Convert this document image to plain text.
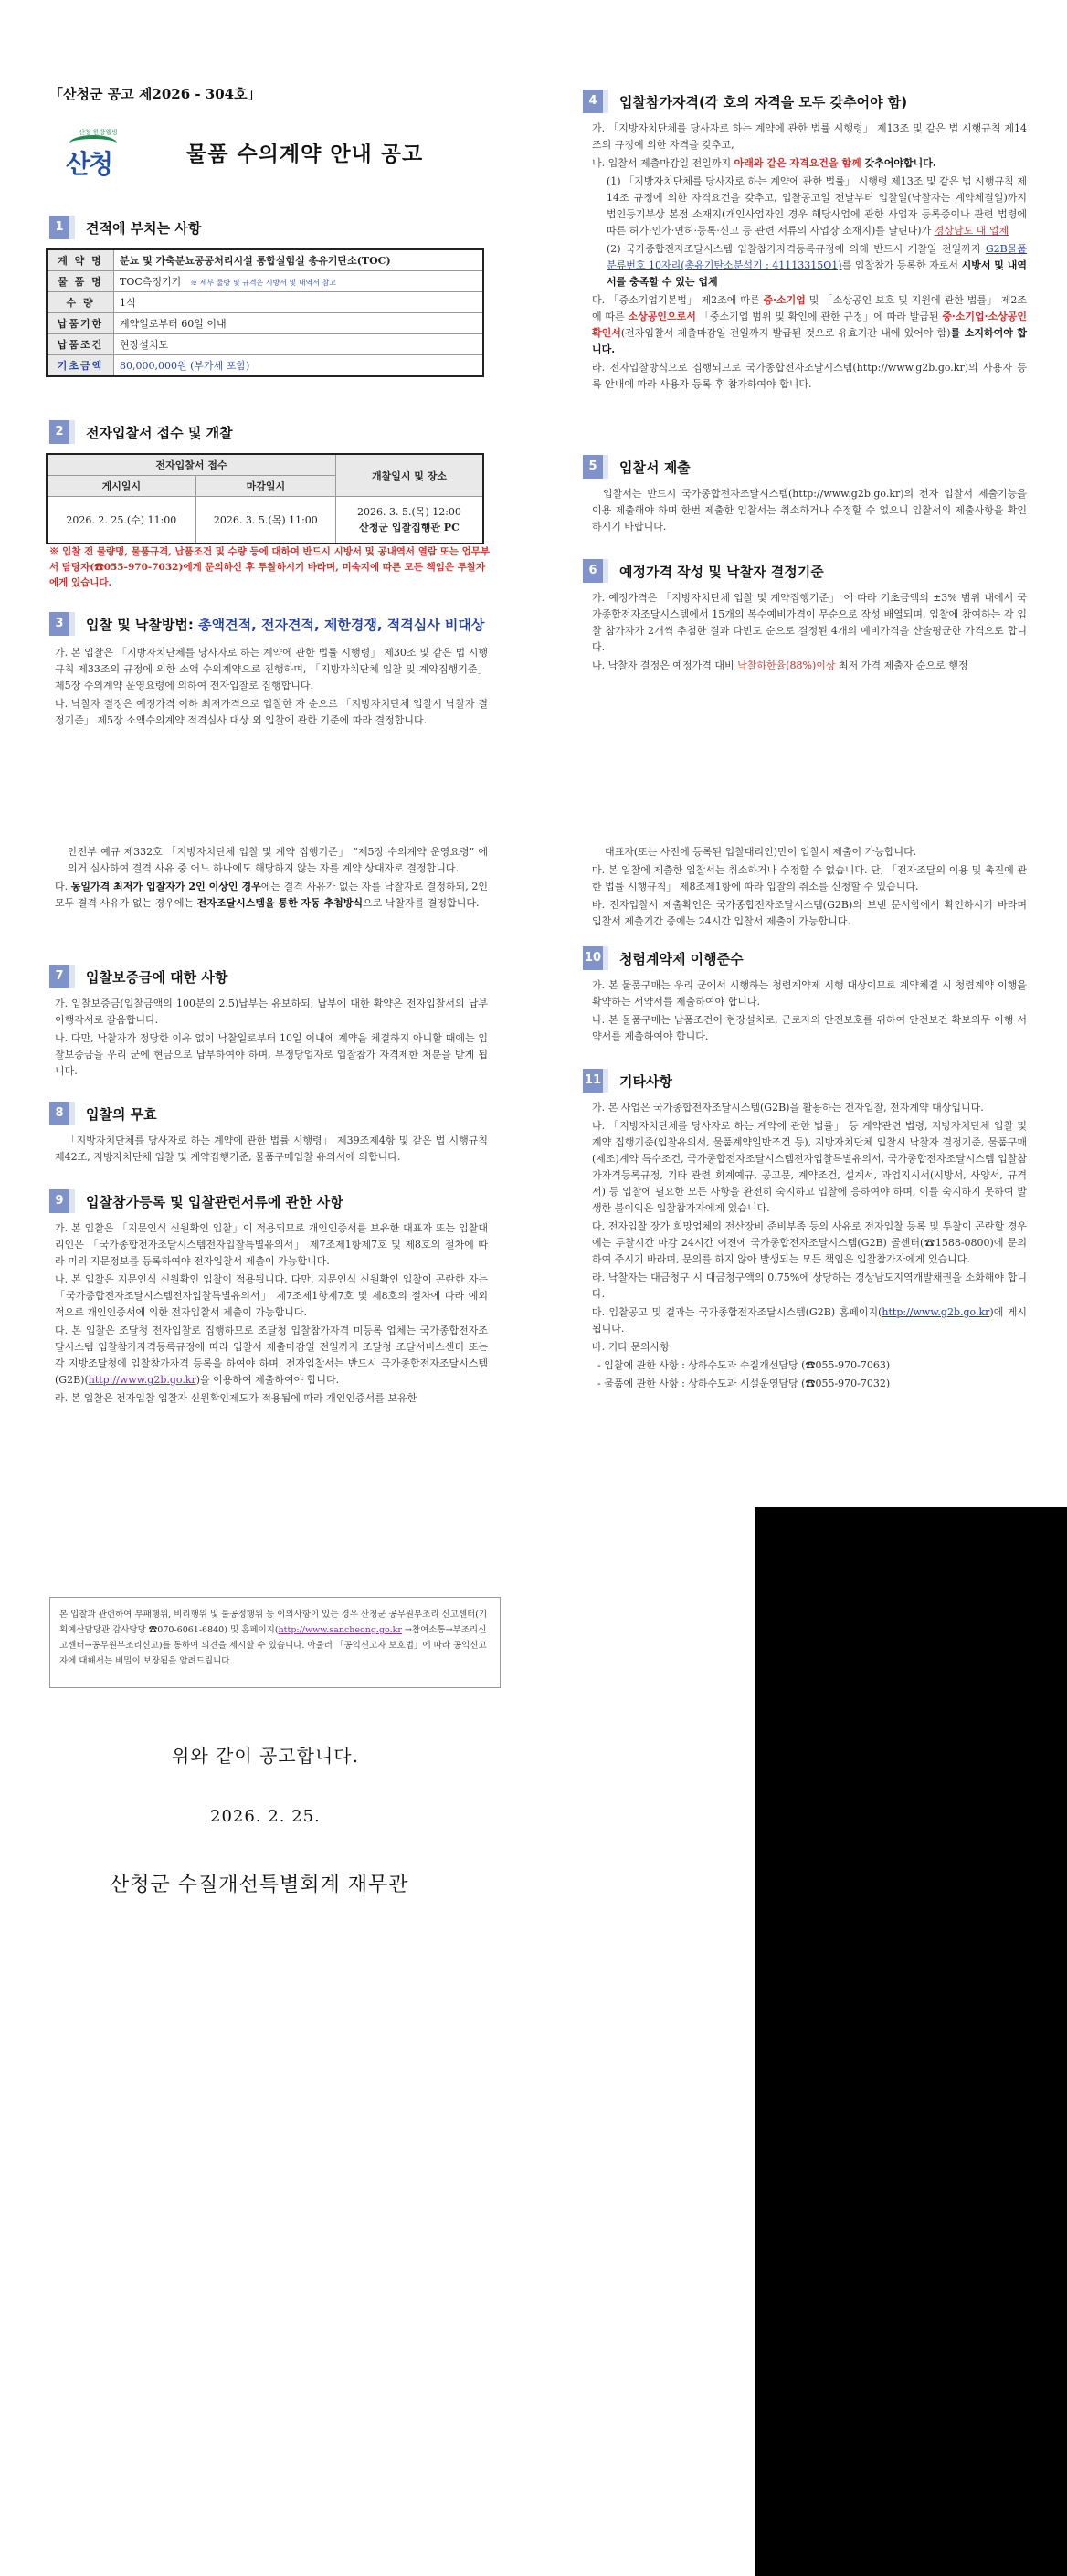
「산청군 공고 제2026 - 304호」
산청 한방웰빙
산청	물품 수의계약 안내 공고
1	견적에 부치는 사항
계 약 명	분뇨 및 가축분뇨공공처리시설 통합실험실 총유기탄소(TOC)
물 품 명	TOC측정기기 ※ 세부 물량 및 규격은 시방서 및 내역서 참고
수 량	1식
납품기한	계약일로부터 60일 이내
납품조건	현장설치도
기초금액	80,000,000원 (부가세 포함)
2	전자입찰서 접수 및 개찰
전자입찰서 접수		개찰일시 및 장소
게시일시	마감일시	
2026. 2. 25.(수) 11:00	2026. 3. 5.(목) 11:00	2026. 3. 5.(목) 12:00
산청군 입찰집행관 PC
※ 입찰 전 물량명, 물품규격, 납품조건 및 수량 등에 대하여 반드시 시방서 및 공내역서 열람 또는 업무부서 담당자(☎055-970-7032)에게 문의하신 후 투찰하시기 바라며, 미숙지에 따른 모든 책임은 투찰자에게 있습니다.
3	입찰 및 낙찰방법: 총액견적, 전자견적, 제한경쟁, 적격심사 비대상

가. 본 입찰은 「지방자치단체를 당사자로 하는 계약에 관한 법률 시행령」 제30조 및 같은 법 시행규칙 제33조의 규정에 의한 소액 수의계약으로 진행하며, 「지방자치단체 입찰 및 계약집행기준」 제5장 수의계약 운영요령에 의하여 전자입찰로 집행합니다.

나. 낙찰자 결정은 예정가격 이하 최저가격으로 입찰한 자 순으로 「지방자치단체 입찰시 낙찰자 결정기준」 제5장 소액수의계약 적격심사 대상 외 입찰에 관한 기준에 따라 결정합니다.

4	입찰참가자격(각 호의 자격을 모두 갖추어야 함)

가. 「지방자치단체를 당사자로 하는 계약에 관한 법률 시행령」 제13조 및 같은 법 시행규칙 제14조의 규정에 의한 자격을 갖추고,

나. 입찰서 제출마감일 전일까지 아래와 같은 자격요건을 함께 갖추어야합니다.

(1) 「지방자치단체를 당사자로 하는 계약에 관한 법률」 시행령 제13조 및 같은 법 시행규칙 제14조 규정에 의한 자격요건을 갖추고, 입찰공고일 전날부터 입찰일(낙찰자는 계약체결일)까지 법인등기부상 본점 소재지(개인사업자인 경우 해당사업에 관한 사업자 등록증이나 관련 법령에 따른 허가·인가·면허·등록·신고 등 관련 서류의 사업장 소재지)를 달린다)가 경상남도 내 업체

(2) 국가종합전자조달시스템 입찰참가자격등록규정에 의해 반드시 개찰일 전일까지 G2B물품 분류번호 10자리(총유기탄소분석기 : 41113315O1)를 입찰참가 등록한 자로서 시방서 및 내역서를 충족할 수 있는 업체

다. 「중소기업기본법」 제2조에 따른 중·소기업 및 「소상공인 보호 및 지원에 관한 법률」 제2조에 따른 소상공인으로서 「중소기업 범위 및 확인에 관한 규정」에 따라 발급된 중·소기업·소상공인 확인서(전자입찰서 제출마감일 전일까지 발급된 것으로 유효기간 내에 있어야 함)를 소지하여야 합니다.

라. 전자입찰방식으로 집행되므로 국가종합전자조달시스템(http://www.g2b.go.kr)의 사용자 등록 안내에 따라 사용자 등록 후 참가하여야 합니다.

5	입찰서 제출

입찰서는 반드시 국가종합전자조달시스템(http://www.g2b.go.kr)의 전자 입찰서 제출기능을 이용 제출해야 하며 한번 제출한 입찰서는 취소하거나 수정할 수 없으니 입찰서의 제출사항을 확인하시기 바랍니다.

6	예정가격 작성 및 낙찰자 결정기준

가. 예정가격은 「지방자치단체 입찰 및 계약집행기준」 에 따라 기초금액의 ±3% 범위 내에서 국가종합전자조달시스템에서 15개의 복수예비가격이 무순으로 작성 배열되며, 입찰에 참여하는 각 입찰 참가자가 2개씩 추첨한 결과 다빈도 순으로 결정된 4개의 예비가격을 산술평균한 가격으로 합니다.

나. 낙찰자 결정은 예정가격 대비 낙찰하한율(88%)이상 최저 가격 제출자 순으로 행정

안전부 예규 제332호 「지방자치단체 입찰 및 계약 집행기준」 “제5장 수의계약 운영요령” 에 의거 심사하여 결격 사유 중 어느 하나에도 해당하지 않는 자를 계약 상대자로 결정합니다.

다. 동일가격 최저가 입찰자가 2인 이상인 경우에는 결격 사유가 없는 자를 낙찰자로 결정하되, 2인 모두 결격 사유가 없는 경우에는 전자조달시스템을 통한 자동 추첨방식으로 낙찰자를 결정합니다.

7	입찰보증금에 대한 사항

가. 입찰보증금(입찰금액의 100분의 2.5)납부는 유보하되, 납부에 대한 확약은 전자입찰서의 납부이행각서로 갈음합니다.

나. 다만, 낙찰자가 정당한 이유 없이 낙찰일로부터 10일 이내에 계약을 체결하지 아니할 때에는 입찰보증금을 우리 군에 현금으로 납부하여야 하며, 부정당업자로 입찰참가 자격제한 처분을 받게 됩니다.

8	입찰의 무효

「지방자치단체를 당사자로 하는 계약에 관한 법률 시행령」 제39조제4항 및 같은 법 시행규칙 제42조, 지방자치단체 입찰 및 계약집행기준, 물품구매입찰 유의서에 의합니다.

9	입찰참가등록 및 입찰관련서류에 관한 사항

가. 본 입찰은 「지문인식 신원확인 입찰」이 적용되므로 개인인증서를 보유한 대표자 또는 입찰대리인은 「국가종합전자조달시스템전자입찰특별유의서」 제7조제1항제7호 및 제8호의 절차에 따라 미리 지문정보를 등록하여야 전자입찰서 제출이 가능합니다.

나. 본 입찰은 지문인식 신원확인 입찰이 적용됩니다. 다만, 지문인식 신원확인 입찰이 곤란한 자는 「국가종합전자조달시스템전자입찰특별유의서」 제7조제1항제7호 및 제8호의 절차에 따라 예외적으로 개인인증서에 의한 전자입찰서 제출이 가능합니다.

다. 본 입찰은 조달청 전자입찰로 집행하므로 조달청 입찰참가자격 미등록 업체는 국가종합전자조달시스템 입찰참가자격등록규정에 따라 입찰서 제출마감일 전일까지 조달청 조달서비스센터 또는 각 지방조달청에 입찰참가자격 등록을 하여야 하며, 전자입찰서는 반드시 국가종합전자조달시스템(G2B)(http://www.g2b.go.kr)을 이용하여 제출하여야 합니다.

라. 본 입찰은 전자입찰 입찰자 신원확인제도가 적용됨에 따라 개인인증서를 보유한

대표자(또는 사전에 등록된 입찰대리인)만이 입찰서 제출이 가능합니다.

마. 본 입찰에 제출한 입찰서는 취소하거나 수정할 수 없습니다. 단, 「전자조달의 이용 및 촉진에 관한 법률 시행규칙」 제8조제1항에 따라 입찰의 취소를 신청할 수 있습니다.

바. 전자입찰서 제출확인은 국가종합전자조달시스템(G2B)의 보낸 문서함에서 확인하시기 바라며 입찰서 제출기간 중에는 24시간 입찰서 제출이 가능합니다.

10 청렴계약제 이행준수

가. 본 물품구매는 우리 군에서 시행하는 청렴계약제 시행 대상이므로 계약체결 시 청렴계약 이행을 확약하는 서약서를 제출하여야 합니다.

나. 본 물품구매는 납품조건이 현장설치로, 근로자의 안전보호를 위하여 안전보건 확보의무 이행 서약서를 제출하여야 합니다.

11 기타사항

가. 본 사업은 국가종합전자조달시스템(G2B)을 활용하는 전자입찰, 전자계약 대상입니다.

나. 「지방자치단체를 당사자로 하는 계약에 관한 법률」 등 계약관련 법령, 지방자치단체 입찰 및 계약 집행기준(입찰유의서, 물품계약일반조건 등), 지방자치단체 입찰시 낙찰자 결정기준, 물품구매(제조)계약 특수조건, 국가종합전자조달시스템전자입찰특별유의서, 국가종합전자조달시스템 입찰참가자격등록규정, 기타 관련 회계예규, 공고문, 계약조건, 설계서, 과업지시서(시방서, 사양서, 규격서) 등 입찰에 필요한 모든 사항을 완전히 숙지하고 입찰에 응하여야 하며, 이를 숙지하지 못하여 발생한 불이익은 입찰참가자에게 있습니다.

다. 전자입찰 장가 희망업체의 전산장비 준비부족 등의 사유로 전자입찰 등록 및 투찰이 곤란할 경우에는 투찰시간 마감 24시간 이전에 국가종합전자조달시스템(G2B) 콜센터(☎1588-0800)에 문의하여 주시기 바라며, 문의를 하지 않아 발생되는 모든 책임은 입찰참가자에게 있습니다.

라. 낙찰자는 대금청구 시 대금청구액의 0.75%에 상당하는 경상남도지역개발채권을 소화해야 합니다.

마. 입찰공고 및 결과는 국가종합전자조달시스템(G2B) 홈페이지(http://www.g2b.go.kr)에 게시됩니다.

바. 기타 문의사항

- 입찰에 관한 사항 : 상하수도과 수질개선담당 (☎055-970-7063)

- 물품에 관한 사항 : 상하수도과 시설운영담당 (☎055-970-7032)

본 입찰과 관련하여 부패행위, 비리행위 및 불공정행위 등 이의사항이 있는 경우 산청군 공무원부조리 신고센터(기획예산담당관 감사담당 ☎070-6061-6840) 및 홈페이지(http://www.sancheong.go.kr →참여소통→부조리신고센터→공무원부조리신고)를 통하여 의견을 제시할 수 있습니다. 아울러 「공익신고자 보호법」에 따라 공익신고자에 대해서는 비밀이 보장됨을 알려드립니다.
위와 같이 공고합니다.
2026. 2. 25.
산청군 수질개선특별회계 재무관
